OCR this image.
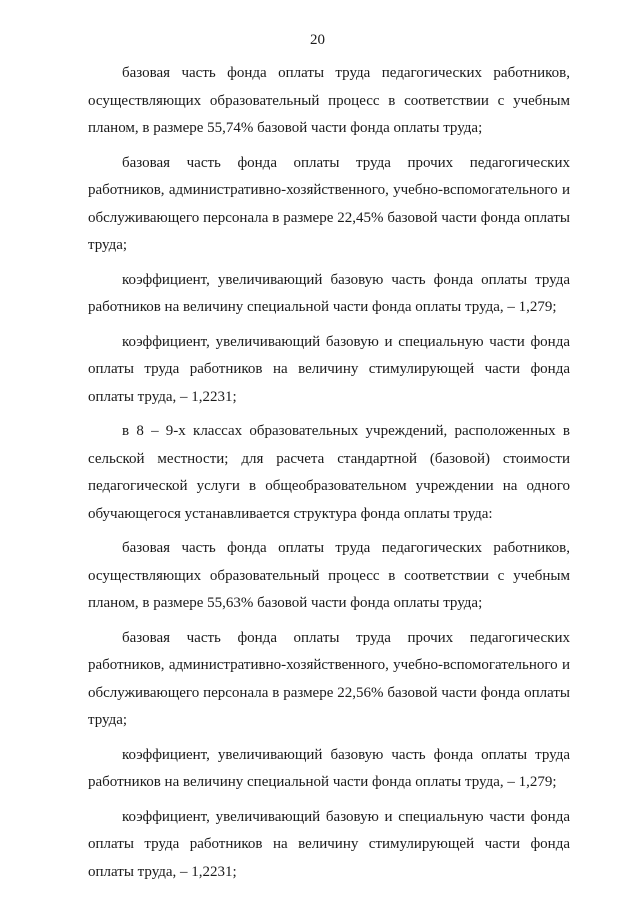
20

базовая часть фонда оплаты труда педагогических работников, осуществляющих образовательный процесс в соответствии с учебным планом, в размере 55,74% базовой части фонда оплаты труда;

базовая часть фонда оплаты труда прочих педагогических работников, административно-хозяйственного, учебно-вспомогательного и обслуживающего персонала в размере 22,45% базовой части фонда оплаты труда;

коэффициент, увеличивающий базовую часть фонда оплаты труда работников на величину специальной части фонда оплаты труда, – 1,279;

коэффициент, увеличивающий базовую и специальную части фонда оплаты труда работников на величину стимулирующей части фонда оплаты труда, – 1,2231;

в 8 – 9-х классах образовательных учреждений, расположенных в сельской местности; для расчета стандартной (базовой) стоимости педагогической услуги в общеобразовательном учреждении на одного обучающегося устанавливается структура фонда оплаты труда:

базовая часть фонда оплаты труда педагогических работников, осуществляющих образовательный процесс в соответствии с учебным планом, в размере 55,63% базовой части фонда оплаты труда;

базовая часть фонда оплаты труда прочих педагогических работников, административно-хозяйственного, учебно-вспомогательного и обслуживающего персонала в размере 22,56% базовой части фонда оплаты труда;

коэффициент, увеличивающий базовую часть фонда оплаты труда работников на величину специальной части фонда оплаты труда, – 1,279;

коэффициент, увеличивающий базовую и специальную части фонда оплаты труда работников на величину стимулирующей части фонда оплаты труда, – 1,2231;
